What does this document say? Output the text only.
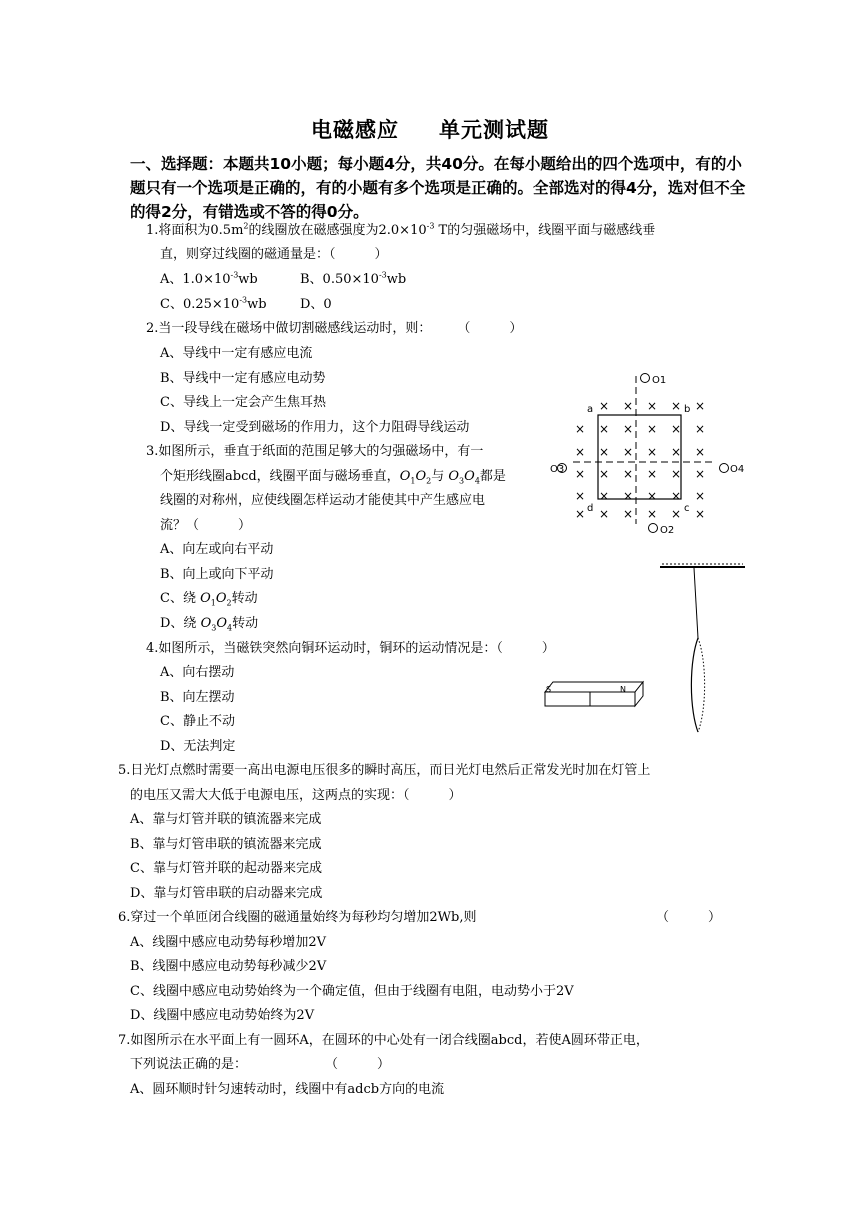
电磁感应 单元测试题
一、选择题：本题共10小题；每小题4分，共40分。在每小题给出的四个选项中，有的小题只有一个选项是正确的，有的小题有多个选项是正确的。全部选对的得4分，选对但不全的得2分，有错选或不答的得0分。
1.将面积为$0.5m^2$的线圈放在磁感强度为$2.0\times 10^{-3}$ T的匀强磁场中，线圈平面与磁感线垂
直，则穿过线圈的磁通量是：（　　　）
A、$1.0\times 10^{-3}wb$	B、$0.50\times 10^{-3}wb$
C、$0.25\times 10^{-3}wb$	D、0
2.当一段导线在磁场中做切割磁感线运动时，则：　　　（　　　）
A、导线中一定有感应电流
B、导线中一定有感应电动势
C、导线上一定会产生焦耳热
D、导线一定受到磁场的作用力，这个力阻碍导线运动
3.如图所示，垂直于纸面的范围足够大的匀强磁场中，有一
个矩形线圈abcd，线圈平面与磁场垂直，$O_1O_2$与 $O_3O_4$都是
线圈的对称州，应使线圈怎样运动才能使其中产生感应电
流？（　　　）
A、向左或向右平动
B、向上或向下平动
C、绕 $O_1O_2$转动
D、绕 $O_3O_4$转动
× × × × ×
× × × × × ×
× × × × × ×
× × × × × ×
× × × × × ×
× × × × × ×
O1
O2
O3	O4
a	b
c
d
4.如图所示，当磁铁突然向铜环运动时，铜环的运动情况是：（　　　）
A、向右摆动
B、向左摆动
C、静止不动
D、无法判定
S	N
5.日光灯点燃时需要一高出电源电压很多的瞬时高压，而日光灯电然后正常发光时加在灯管上
的电压又需大大低于电源电压，这两点的实现：（　　　）
A、靠与灯管并联的镇流器来完成
B、靠与灯管串联的镇流器来完成
C、靠与灯管并联的起动器来完成
D、靠与灯管串联的启动器来完成
6.穿过一个单匝闭合线圈的磁通量始终为每秒均匀增加2Wb,则	（　　　）
A、线圈中感应电动势每秒增加2V
B、线圈中感应电动势每秒减少2V
C、线圈中感应电动势始终为一个确定值，但由于线圈有电阻，电动势小于2V
D、线圈中感应电动势始终为2V
7.如图所示在水平面上有一圆环A，在圆环的中心处有一闭合线圈abcd，若使A圆环带正电，
下列说法正确的是：　　　　　　　（　　　）
A、圆环顺时针匀速转动时，线圈中有adcb方向的电流
